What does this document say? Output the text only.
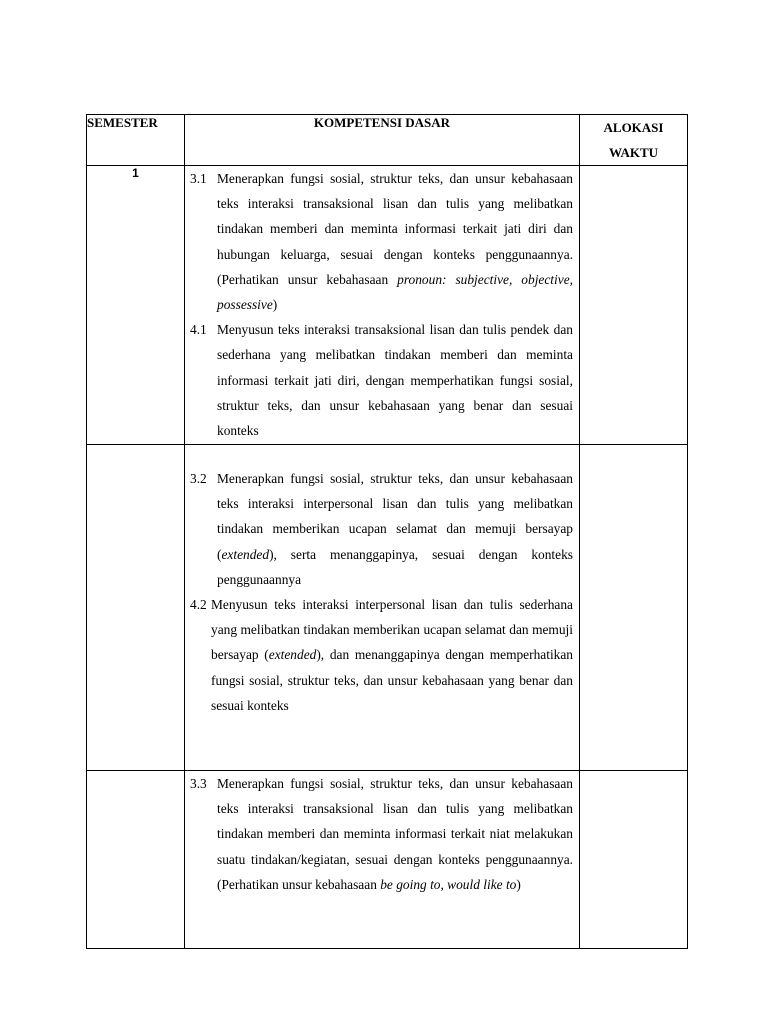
SEMESTER	KOMPETENSI DASAR	ALOKASI
WAKTU

1	3.1 Menerapkan fungsi sosial, struktur teks, dan unsur kebahasaan teks interaksi transaksional lisan dan tulis yang melibatkan tindakan memberi dan meminta informasi terkait jati diri dan hubungan keluarga, sesuai dengan konteks penggunaannya. (Perhatikan unsur kebahasaan pronoun: subjective, objective, possessive)
4.1 Menyusun teks interaksi transaksional lisan dan tulis pendek dan sederhana yang melibatkan tindakan memberi dan meminta informasi terkait jati diri, dengan memperhatikan fungsi sosial, struktur teks, dan unsur kebahasaan yang benar dan sesuai konteks	

	3.2 Menerapkan fungsi sosial, struktur teks, dan unsur kebahasaan teks interaksi interpersonal lisan dan tulis yang melibatkan tindakan memberikan ucapan selamat dan memuji bersayap (extended), serta menanggapinya, sesuai dengan konteks penggunaannya
4.2 Menyusun teks interaksi interpersonal lisan dan tulis sederhana yang melibatkan tindakan memberikan ucapan selamat dan memuji bersayap (extended), dan menanggapinya dengan memperhatikan fungsi sosial, struktur teks, dan unsur kebahasaan yang benar dan sesuai konteks	

	3.3 Menerapkan fungsi sosial, struktur teks, dan unsur kebahasaan teks interaksi transaksional lisan dan tulis yang melibatkan tindakan memberi dan meminta informasi terkait niat melakukan suatu tindakan/kegiatan, sesuai dengan konteks penggunaannya. (Perhatikan unsur kebahasaan be going to, would like to)	
